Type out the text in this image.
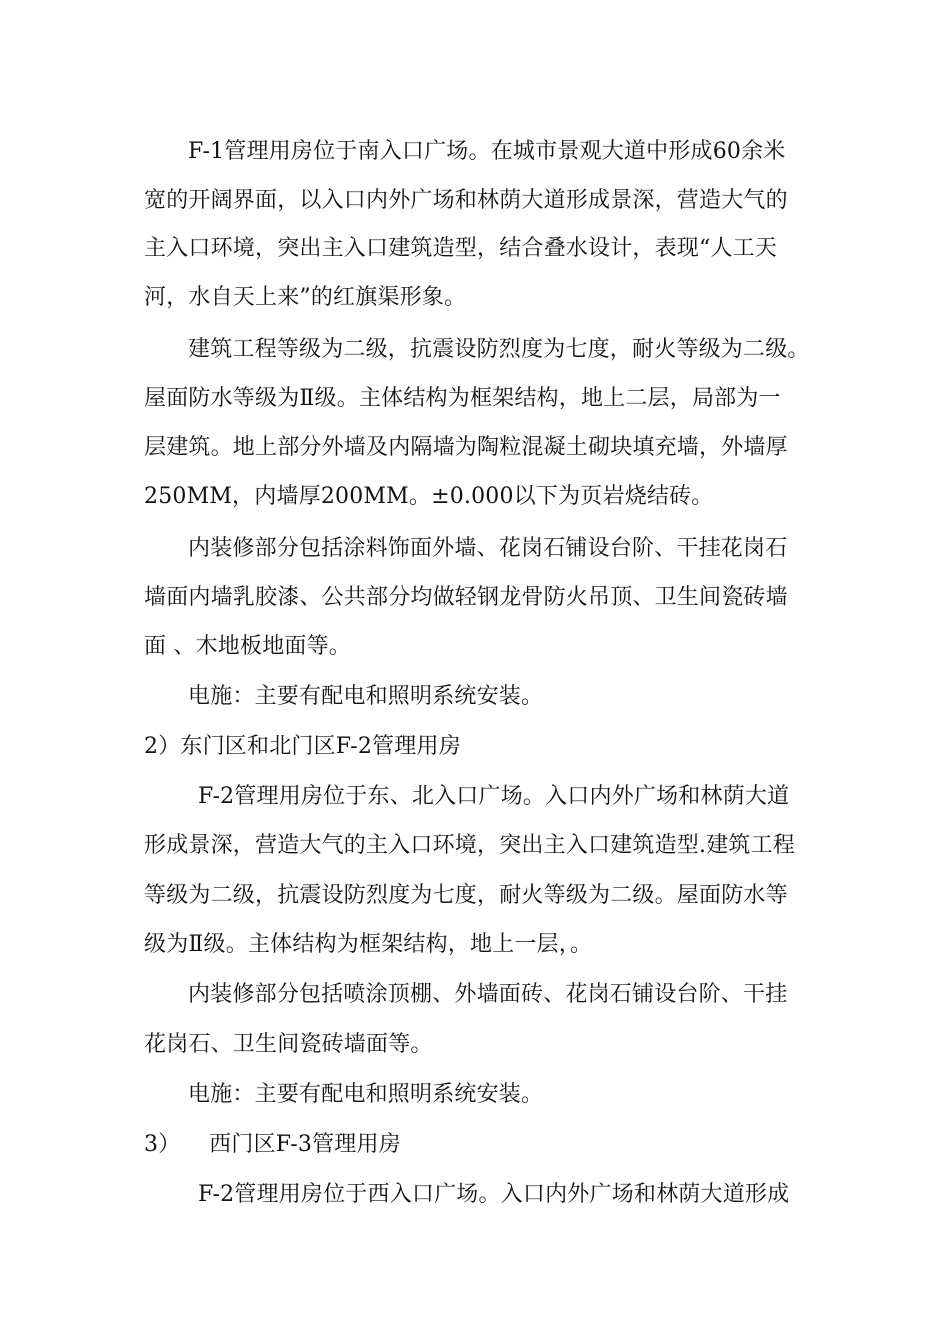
F-1管理用房位于南入口广场。在城市景观大道中形成60余米
宽的开阔界面，以入口内外广场和林荫大道形成景深，营造大气的
主入口环境，突出主入口建筑造型，结合叠水设计，表现“人工天
河，水自天上来”的红旗渠形象。
建筑工程等级为二级，抗震设防烈度为七度，耐火等级为二级。
屋面防水等级为Ⅱ级。主体结构为框架结构，地上二层，局部为一
层建筑。地上部分外墙及内隔墙为陶粒混凝土砌块填充墙，外墙厚
250MM，内墙厚200MM。±0.000以下为页岩烧结砖。
内装修部分包括涂料饰面外墙、花岗石铺设台阶、干挂花岗石
墙面内墙乳胶漆、公共部分均做轻钢龙骨防火吊顶、卫生间瓷砖墙
面 、木地板地面等。
电施：主要有配电和照明系统安装。
2）东门区和北门区F-2管理用房
F-2管理用房位于东、北入口广场。入口内外广场和林荫大道
形成景深，营造大气的主入口环境，突出主入口建筑造型.建筑工程
等级为二级，抗震设防烈度为七度，耐火等级为二级。屋面防水等
级为Ⅱ级。主体结构为框架结构，地上一层，。
内装修部分包括喷涂顶棚、外墙面砖、花岗石铺设台阶、干挂
花岗石、卫生间瓷砖墙面等。
电施：主要有配电和照明系统安装。
3）    西门区F-3管理用房
F-2管理用房位于西入口广场。入口内外广场和林荫大道形成
